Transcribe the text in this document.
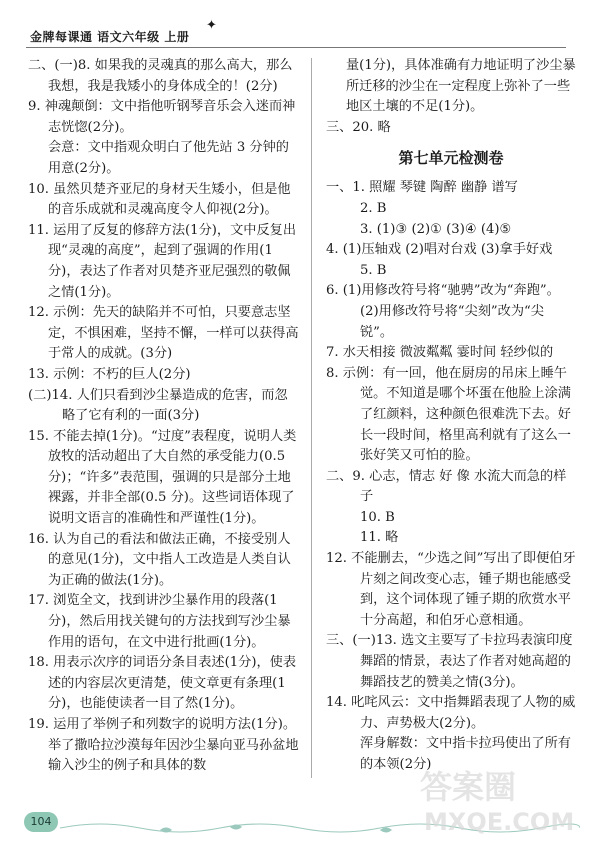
金牌每课通 语文六年级 上册
✦

二、(一)8. 如果我的灵魂真的那么高大，那么我想，我是我矮小的身体成全的！(2分)

9. 神魂颠倒：文中指他听钢琴音乐会入迷而神志恍惚(2分)。

会意：文中指观众明白了他先站 3 分钟的用意(2分)。

10. 虽然贝楚齐亚尼的身材天生矮小，但是他的音乐成就和灵魂高度令人仰视(2分)。

11. 运用了反复的修辞方法(1分)，文中反复出现“灵魂的高度”，起到了强调的作用(1分)，表达了作者对贝楚齐亚尼强烈的敬佩之情(1分)。

12. 示例：先天的缺陷并不可怕，只要意志坚定，不惧困难，坚持不懈，一样可以获得高于常人的成就。(3分)

13. 示例：不朽的巨人(2分)

(二)14. 人们只看到沙尘暴造成的危害，而忽略了它有利的一面(3分)

15. 不能去掉(1分)。“过度”表程度，说明人类放牧的活动超出了大自然的承受能力(0.5 分)；“许多”表范围，强调的只是部分土地裸露，并非全部(0.5 分)。这些词语体现了说明文语言的准确性和严谨性(1分)。

16. 认为自己的看法和做法正确，不接受别人的意见(1分)，文中指人工改造是人类自认为正确的做法(1分)。

17. 浏览全文，找到讲沙尘暴作用的段落(1分)，然后用找关键句的方法找到写沙尘暴作用的语句，在文中进行批画(1分)。

18. 用表示次序的词语分条目表述(1分)，使表述的内容层次更清楚，使文章更有条理(1分)，也能使读者一目了然(1分)。

19. 运用了举例子和列数字的说明方法(1分)。举了撒哈拉沙漠每年因沙尘暴向亚马孙盆地输入沙尘的例子和具体的数

量(1分)，具体准确有力地证明了沙尘暴所迁移的沙尘在一定程度上弥补了一些地区土壤的不足(1分)。

三、20. 略

第七单元检测卷

一、1. 照耀 琴键 陶醉 幽静 谱写

2. B

3. (1)③ (2)① (3)④ (4)⑤

4. (1)压轴戏 (2)唱对台戏 (3)拿手好戏

5. B

6. (1)用修改符号将“驰骋”改为“奔跑”。

(2)用修改符号将“尖刻”改为“尖锐”。

7. 水天相接 微波粼粼 霎时间 轻纱似的

8. 示例：有一回，他在厨房的吊床上睡午觉。不知道是哪个坏蛋在他脸上涂满了红颜料，这种颜色很难洗下去。好长一段时间，格里高利就有了这么一张好笑又可怕的脸。

二、9. 心志，情志 好 像 水流大而急的样子

10. B

11. 略

12. 不能删去，“少选之间”写出了即便伯牙片刻之间改变心志，锺子期也能感受到，这个词体现了锺子期的欣赏水平十分高超，和伯牙心意相通。

三、(一)13. 选文主要写了卡拉玛表演印度舞蹈的情景，表达了作者对她高超的舞蹈技艺的赞美之情(3分)。

14. 叱咤风云：文中指舞蹈表现了人物的威力、声势极大(2分)。

浑身解数：文中指卡拉玛使出了所有的本领(2分)

104
答案圈
MXQE.COM
